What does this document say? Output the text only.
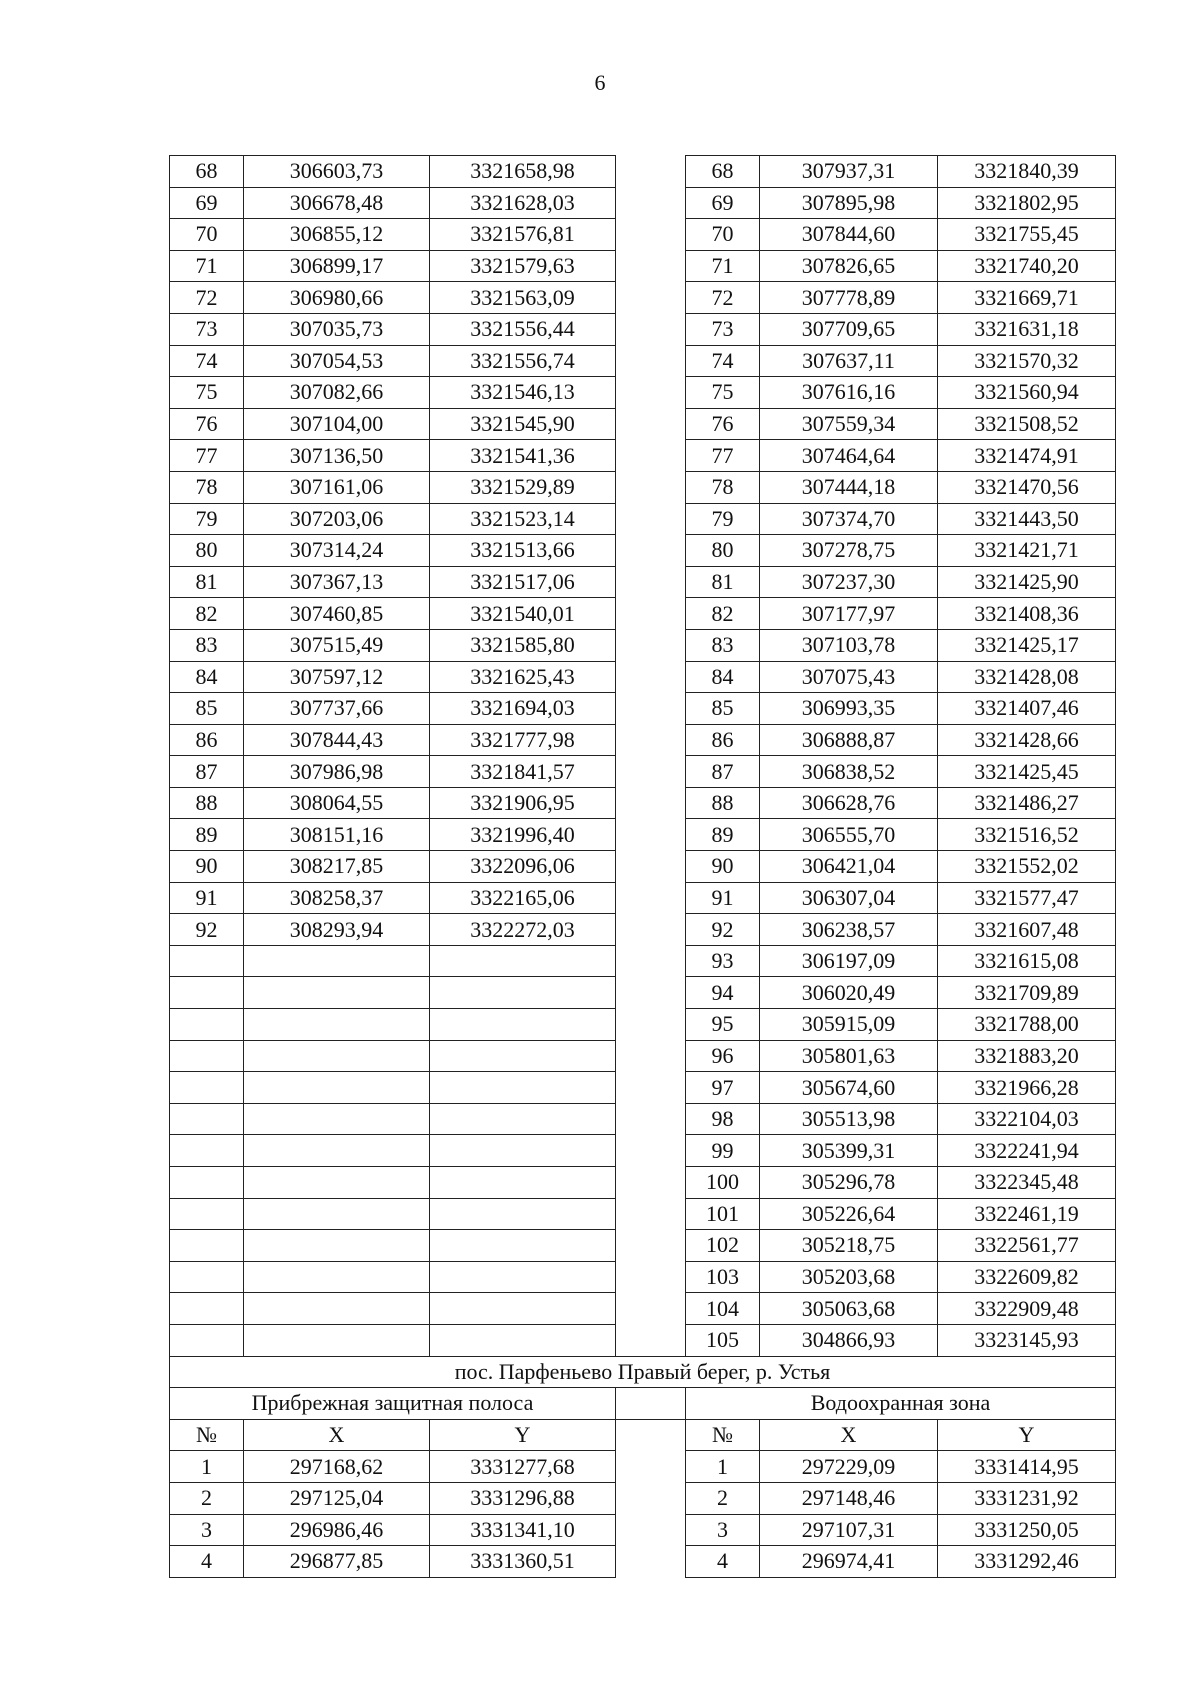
6
68	306603,73	3321658,98		68	307937,31	3321840,39
69	306678,48	3321628,03		69	307895,98	3321802,95
70	306855,12	3321576,81		70	307844,60	3321755,45
71	306899,17	3321579,63		71	307826,65	3321740,20
72	306980,66	3321563,09		72	307778,89	3321669,71
73	307035,73	3321556,44		73	307709,65	3321631,18
74	307054,53	3321556,74		74	307637,11	3321570,32
75	307082,66	3321546,13		75	307616,16	3321560,94
76	307104,00	3321545,90		76	307559,34	3321508,52
77	307136,50	3321541,36		77	307464,64	3321474,91
78	307161,06	3321529,89		78	307444,18	3321470,56
79	307203,06	3321523,14		79	307374,70	3321443,50
80	307314,24	3321513,66		80	307278,75	3321421,71
81	307367,13	3321517,06		81	307237,30	3321425,90
82	307460,85	3321540,01		82	307177,97	3321408,36
83	307515,49	3321585,80		83	307103,78	3321425,17
84	307597,12	3321625,43		84	307075,43	3321428,08
85	307737,66	3321694,03		85	306993,35	3321407,46
86	307844,43	3321777,98		86	306888,87	3321428,66
87	307986,98	3321841,57		87	306838,52	3321425,45
88	308064,55	3321906,95		88	306628,76	3321486,27
89	308151,16	3321996,40		89	306555,70	3321516,52
90	308217,85	3322096,06		90	306421,04	3321552,02
91	308258,37	3322165,06		91	306307,04	3321577,47
92	308293,94	3322272,03		92	306238,57	3321607,48
				93	306197,09	3321615,08
				94	306020,49	3321709,89
				95	305915,09	3321788,00
				96	305801,63	3321883,20
				97	305674,60	3321966,28
				98	305513,98	3322104,03
				99	305399,31	3322241,94
				100	305296,78	3322345,48
				101	305226,64	3322461,19
				102	305218,75	3322561,77
				103	305203,68	3322609,82
				104	305063,68	3322909,48
				105	304866,93	3323145,93
пос. Парфеньево Правый берег, р. Устья						
Прибрежная защитная полоса				Водоохранная зона		
№	X	Y		№	X	Y
1	297168,62	3331277,68		1	297229,09	3331414,95
2	297125,04	3331296,88		2	297148,46	3331231,92
3	296986,46	3331341,10		3	297107,31	3331250,05
4	296877,85	3331360,51		4	296974,41	3331292,46
